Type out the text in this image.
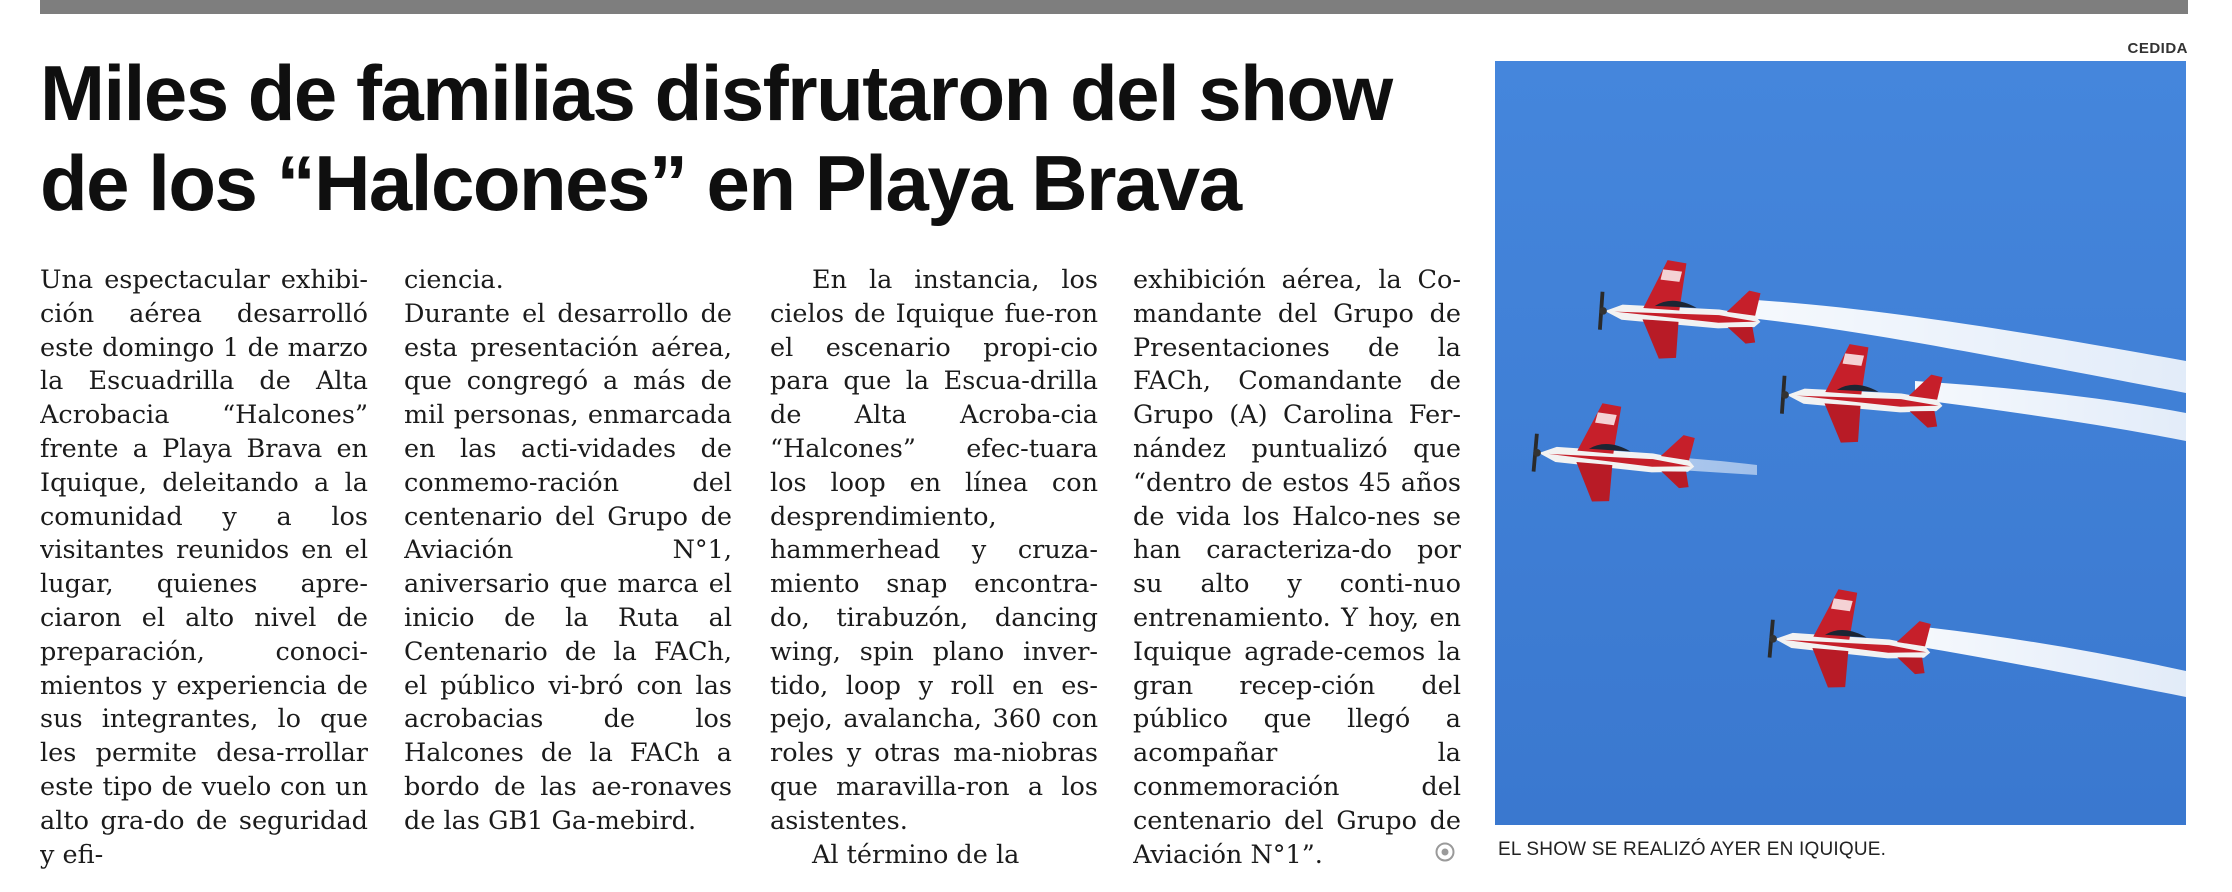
Miles de familias disfrutaron del show
de los “Halcones” en Playa Brava

Una espectacular exhibi-ción aérea desarrolló este domingo 1 de marzo la Escuadrilla de Alta Acrobacia “Halcones” frente a Playa Brava en Iquique, deleitando a la comunidad y a los visitantes reunidos en el lugar, quienes apre-ciaron el alto nivel de preparación, conoci-mientos y experiencia de sus integrantes, lo que les permite desa-rrollar este tipo de vuelo con un alto gra-do de seguridad y efi-

ciencia.

Durante el desarrollo de esta presentación aérea, que congregó a más de mil personas, enmarcada en las acti-vidades de conmemo-ración del centenario del Grupo de Aviación N°1, aniversario que marca el inicio de la Ruta al Centenario de la FACh, el público vi-bró con las acrobacias de los Halcones de la FACh a bordo de las ae-ronaves de las GB1 Ga-mebird.

En la instancia, los cielos de Iquique fue-ron el escenario propi-cio para que la Escua-drilla de Alta Acroba-cia “Halcones” efec-tuara los loop en línea con desprendimiento, hammerhead y cruza-miento snap encontra-do, tirabuzón, dancing wing, spin plano inver-tido, loop y roll en es-pejo, avalancha, 360 con roles y otras ma-niobras que maravilla-ron a los asistentes.

Al término de la

exhibición aérea, la Co-mandante del Grupo de Presentaciones de la FACh, Comandante de Grupo (A) Carolina Fer-nández puntualizó que “dentro de estos 45 años de vida los Halco-nes se han caracteriza-do por su alto y conti-nuo entrenamiento. Y hoy, en Iquique agrade-cemos la gran recep-ción del público que llegó a acompañar la conmemoración del centenario del Grupo de Aviación N°1”.

CEDIDA
EL SHOW SE REALIZÓ AYER EN IQUIQUE.
